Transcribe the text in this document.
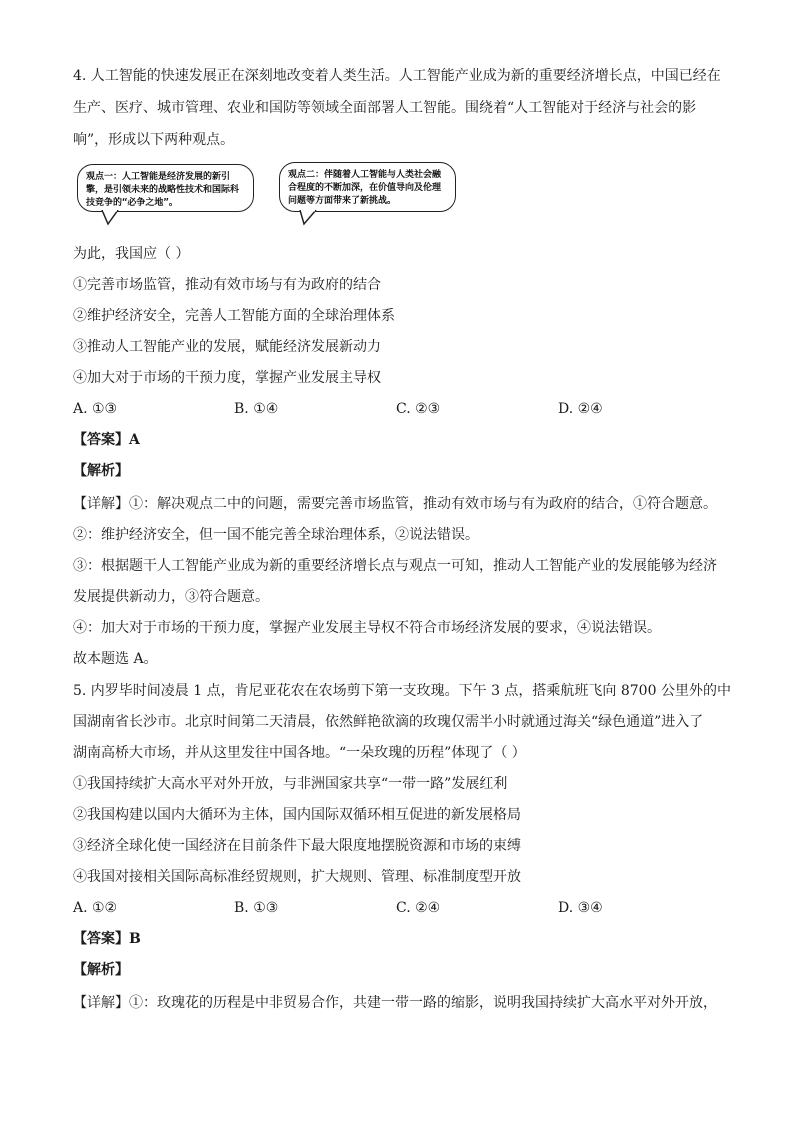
4. 人工智能的快速发展正在深刻地改变着人类生活。人工智能产业成为新的重要经济增长点，中国已经在
生产、医疗、城市管理、农业和国防等领域全面部署人工智能。围绕着“人工智能对于经济与社会的影
响”，形成以下两种观点。
观点一：人工智能是经济发展的新引擎，是引领未来的战略性技术和国际科技竞争的“必争之地”。
观点二：伴随着人工智能与人类社会融合程度的不断加深，在价值导向及伦理问题等方面带来了新挑战。
为此，我国应（ ）
①完善市场监管，推动有效市场与有为政府的结合
②维护经济安全，完善人工智能方面的全球治理体系
③推动人工智能产业的发展，赋能经济发展新动力
④加大对于市场的干预力度，掌握产业发展主导权
A. ①③	B. ①④	C. ②③	D. ②④
【答案】A
【解析】
【详解】①：解决观点二中的问题，需要完善市场监管，推动有效市场与有为政府的结合，①符合题意。
②：维护经济安全，但一国不能完善全球治理体系，②说法错误。
③：根据题干人工智能产业成为新的重要经济增长点与观点一可知，推动人工智能产业的发展能够为经济
发展提供新动力，③符合题意。
④：加大对于市场的干预力度，掌握产业发展主导权不符合市场经济发展的要求，④说法错误。
故本题选 A。
5. 内罗毕时间凌晨 1 点，肯尼亚花农在农场剪下第一支玫瑰。下午 3 点，搭乘航班飞向 8700 公里外的中
国湖南省长沙市。北京时间第二天清晨，依然鲜艳欲滴的玫瑰仅需半小时就通过海关“绿色通道”进入了
湖南高桥大市场，并从这里发往中国各地。“一朵玫瑰的历程”体现了（ ）
①我国持续扩大高水平对外开放，与非洲国家共享“一带一路”发展红利
②我国构建以国内大循环为主体，国内国际双循环相互促进的新发展格局
③经济全球化使一国经济在目前条件下最大限度地摆脱资源和市场的束缚
④我国对接相关国际高标准经贸规则，扩大规则、管理、标准制度型开放
A. ①②	B. ①③	C. ②④	D. ③④
【答案】B
【解析】
【详解】①：玫瑰花的历程是中非贸易合作，共建一带一路的缩影，说明我国持续扩大高水平对外开放，
